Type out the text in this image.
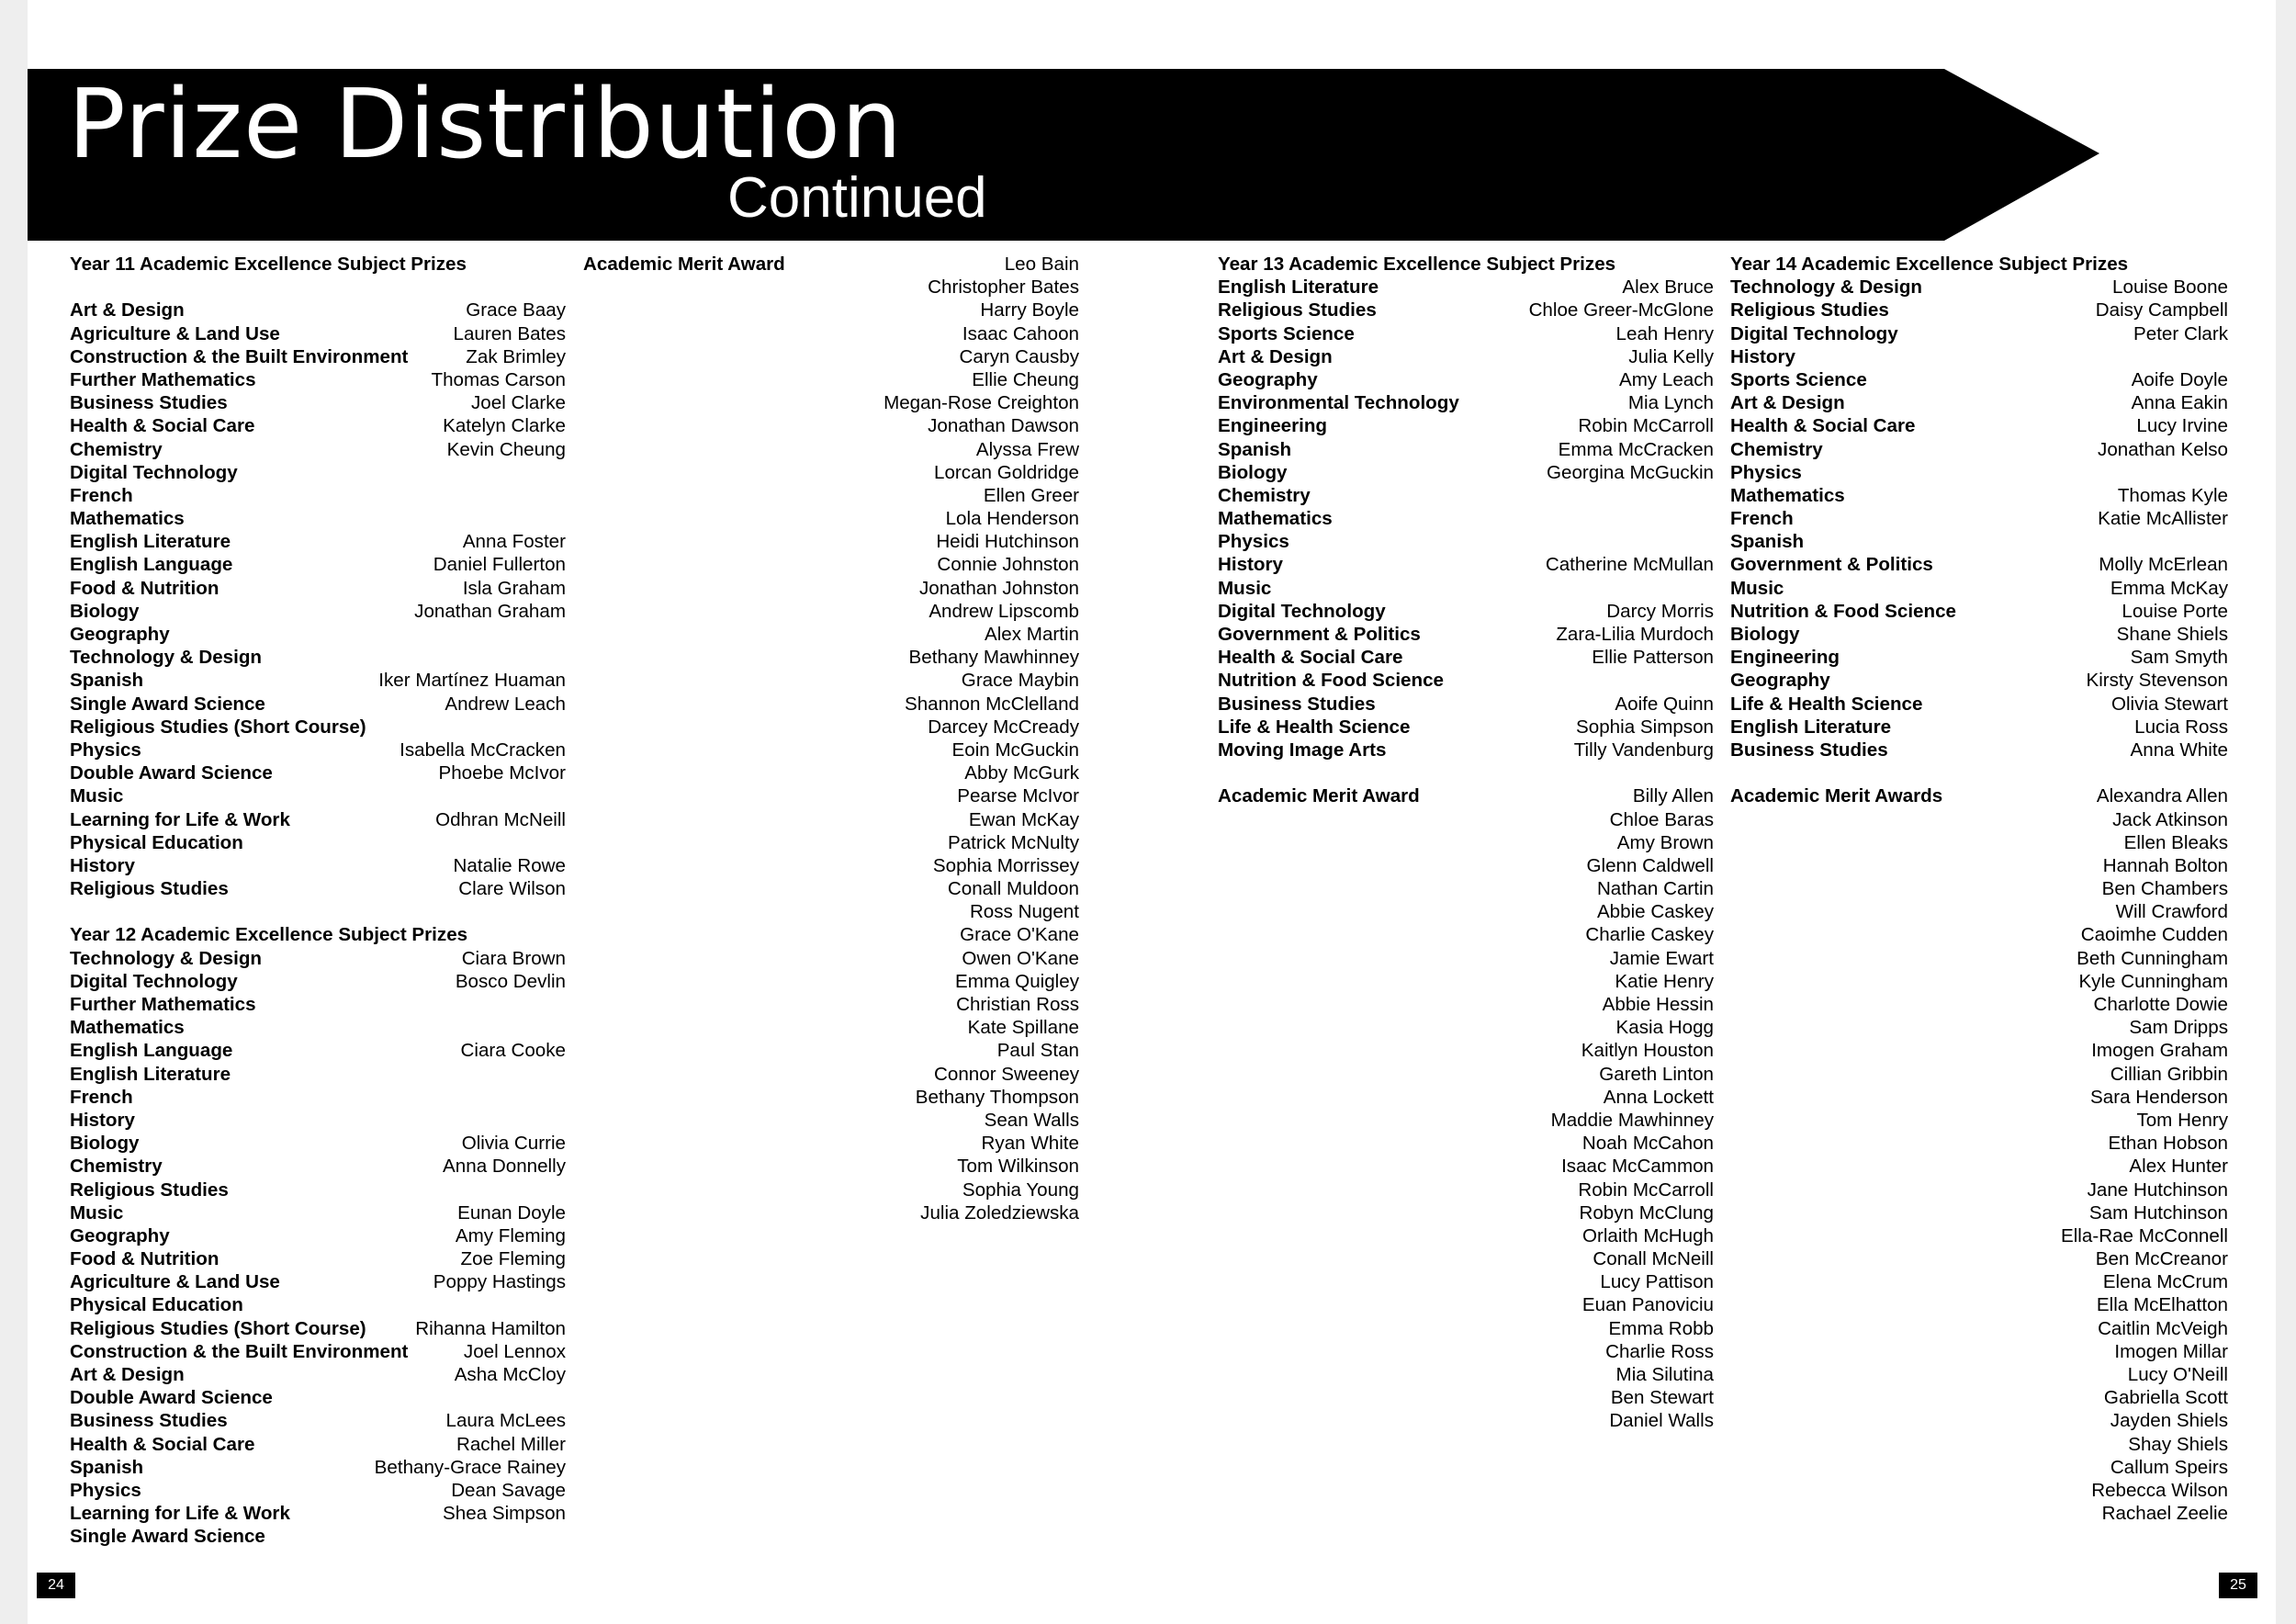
Prize Distribution
Continued
Year 11 Academic Excellence Subject Prizes
Art & Design	Grace Baay
Agriculture & Land Use	Lauren Bates
Construction & the Built Environment	Zak Brimley
Further Mathematics	Thomas Carson
Business Studies	Joel Clarke
Health & Social Care	Katelyn Clarke
Chemistry	Kevin Cheung
Digital Technology
French
Mathematics
English Literature	Anna Foster
English Language	Daniel Fullerton
Food & Nutrition	Isla Graham
Biology	Jonathan Graham
Geography
Technology & Design
Spanish	Iker Martínez Huaman
Single Award Science	Andrew Leach
Religious Studies (Short Course)
Physics	Isabella McCracken
Double Award Science	Phoebe McIvor
Music
Learning for Life & Work	Odhran McNeill
Physical Education
History	Natalie Rowe
Religious Studies	Clare Wilson
Year 12 Academic Excellence Subject Prizes
Technology & Design	Ciara Brown
Digital Technology	Bosco Devlin
Further Mathematics
Mathematics
English Language	Ciara Cooke
English Literature
French
History
Biology	Olivia Currie
Chemistry	Anna Donnelly
Religious Studies
Music	Eunan Doyle
Geography	Amy Fleming
Food & Nutrition	Zoe Fleming
Agriculture & Land Use	Poppy Hastings
Physical Education
Religious Studies (Short Course)	Rihanna Hamilton
Construction & the Built Environment	Joel Lennox
Art & Design	Asha McCloy
Double Award Science
Business Studies	Laura McLees
Health & Social Care	Rachel Miller
Spanish	Bethany-Grace Rainey
Physics	Dean Savage
Learning for Life & Work	Shea Simpson
Single Award Science
Academic Merit Award	Leo Bain
Christopher Bates
Harry Boyle
Isaac Cahoon
Caryn Causby
Ellie Cheung
Megan-Rose Creighton
Jonathan Dawson
Alyssa Frew
Lorcan Goldridge
Ellen Greer
Lola Henderson
Heidi Hutchinson
Connie Johnston
Jonathan Johnston
Andrew Lipscomb
Alex Martin
Bethany Mawhinney
Grace Maybin
Shannon McClelland
Darcey McCready
Eoin McGuckin
Abby McGurk
Pearse McIvor
Ewan McKay
Patrick McNulty
Sophia Morrissey
Conall Muldoon
Ross Nugent
Grace O'Kane
Owen O'Kane
Emma Quigley
Christian Ross
Kate Spillane
Paul Stan
Connor Sweeney
Bethany Thompson
Sean Walls
Ryan White
Tom Wilkinson
Sophia Young
Julia Zoledziewska
Year 13 Academic Excellence Subject Prizes
English Literature	Alex Bruce
Religious Studies	Chloe Greer-McGlone
Sports Science	Leah Henry
Art & Design	Julia Kelly
Geography	Amy Leach
Environmental Technology	Mia Lynch
Engineering	Robin McCarroll
Spanish	Emma McCracken
Biology	Georgina McGuckin
Chemistry
Mathematics
Physics
History	Catherine McMullan
Music
Digital Technology	Darcy Morris
Government & Politics	Zara-Lilia Murdoch
Health & Social Care	Ellie Patterson
Nutrition & Food Science
Business Studies	Aoife Quinn
Life & Health Science	Sophia Simpson
Moving Image Arts	Tilly Vandenburg
Academic Merit Award	Billy Allen
Chloe Baras
Amy Brown
Glenn Caldwell
Nathan Cartin
Abbie Caskey
Charlie Caskey
Jamie Ewart
Katie Henry
Abbie Hessin
Kasia Hogg
Kaitlyn Houston
Gareth Linton
Anna Lockett
Maddie Mawhinney
Noah McCahon
Isaac McCammon
Robin McCarroll
Robyn McClung
Orlaith McHugh
Conall McNeill
Lucy Pattison
Euan Panoviciu
Emma Robb
Charlie Ross
Mia Silutina
Ben Stewart
Daniel Walls
Year 14 Academic Excellence Subject Prizes
Technology & Design	Louise Boone
Religious Studies	Daisy Campbell
Digital Technology	Peter Clark
History
Sports Science	Aoife Doyle
Art & Design	Anna Eakin
Health & Social Care	Lucy Irvine
Chemistry	Jonathan Kelso
Physics
Mathematics	Thomas Kyle
French	Katie McAllister
Spanish
Government & Politics	Molly McErlean
Music	Emma McKay
Nutrition & Food Science	Louise Porte
Biology	Shane Shiels
Engineering	Sam Smyth
Geography	Kirsty Stevenson
Life & Health Science	Olivia Stewart
English Literature	Lucia Ross
Business Studies	Anna White
Academic Merit Awards	Alexandra Allen
Jack Atkinson
Ellen Bleaks
Hannah Bolton
Ben Chambers
Will Crawford
Caoimhe Cudden
Beth Cunningham
Kyle Cunningham
Charlotte Dowie
Sam Dripps
Imogen Graham
Cillian Gribbin
Sara Henderson
Tom Henry
Ethan Hobson
Alex Hunter
Jane Hutchinson
Sam Hutchinson
Ella-Rae McConnell
Ben McCreanor
Elena McCrum
Ella McElhatton
Caitlin McVeigh
Imogen Millar
Lucy O'Neill
Gabriella Scott
Jayden Shiels
Shay Shiels
Callum Speirs
Rebecca Wilson
Rachael Zeelie
24	25
